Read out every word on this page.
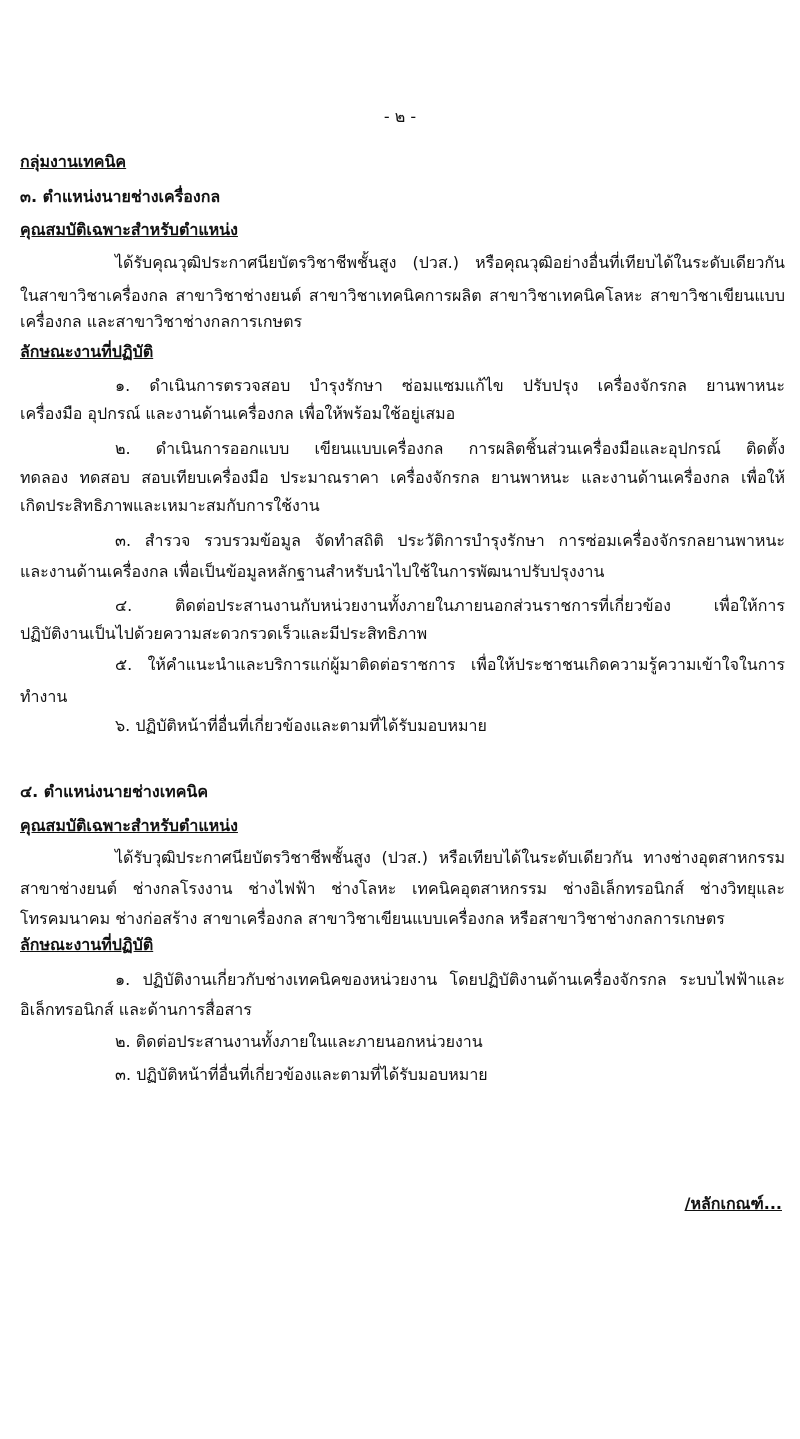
- ๒ -
กลุ่มงานเทคนิค
๓. ตำแหน่งนายช่างเครื่องกล
คุณสมบัติเฉพาะสำหรับตำแหน่ง
ได้รับคุณวุฒิประกาศนียบัตรวิชาชีพชั้นสูง (ปวส.) หรือคุณวุฒิอย่างอื่นที่เทียบได้ในระดับเดียวกัน
ในสาขาวิชาเครื่องกล สาขาวิชาช่างยนต์ สาขาวิชาเทคนิคการผลิต สาขาวิชาเทคนิคโลหะ สาขาวิชาเขียนแบบ
เครื่องกล และสาขาวิชาช่างกลการเกษตร
ลักษณะงานที่ปฏิบัติ
๑. ดำเนินการตรวจสอบ บำรุงรักษา ซ่อมแซมแก้ไข ปรับปรุง เครื่องจักรกล ยานพาหนะ
เครื่องมือ อุปกรณ์ และงานด้านเครื่องกล เพื่อให้พร้อมใช้อยู่เสมอ
๒. ดำเนินการออกแบบ เขียนแบบเครื่องกล การผลิตชิ้นส่วนเครื่องมือและอุปกรณ์ ติดตั้ง
ทดลอง ทดสอบ สอบเทียบเครื่องมือ ประมาณราคา เครื่องจักรกล ยานพาหนะ และงานด้านเครื่องกล เพื่อให้
เกิดประสิทธิภาพและเหมาะสมกับการใช้งาน
๓. สำรวจ รวบรวมข้อมูล จัดทำสถิติ ประวัติการบำรุงรักษา การซ่อมเครื่องจักรกลยานพาหนะ
และงานด้านเครื่องกล เพื่อเป็นข้อมูลหลักฐานสำหรับนำไปใช้ในการพัฒนาปรับปรุงงาน
๔. ติดต่อประสานงานกับหน่วยงานทั้งภายในภายนอกส่วนราชการที่เกี่ยวข้อง เพื่อให้การ
ปฏิบัติงานเป็นไปด้วยความสะดวกรวดเร็วและมีประสิทธิภาพ
๕. ให้คำแนะนำและบริการแก่ผู้มาติดต่อราชการ เพื่อให้ประชาชนเกิดความรู้ความเข้าใจในการ
ทำงาน
๖. ปฏิบัติหน้าที่อื่นที่เกี่ยวข้องและตามที่ได้รับมอบหมาย
๔. ตำแหน่งนายช่างเทคนิค
คุณสมบัติเฉพาะสำหรับตำแหน่ง
ได้รับวุฒิประกาศนียบัตรวิชาชีพชั้นสูง (ปวส.) หรือเทียบได้ในระดับเดียวกัน ทางช่างอุตสาหกรรม
สาขาช่างยนต์ ช่างกลโรงงาน ช่างไฟฟ้า ช่างโลหะ เทคนิคอุตสาหกรรม ช่างอิเล็กทรอนิกส์ ช่างวิทยุและ
โทรคมนาคม ช่างก่อสร้าง สาขาเครื่องกล สาขาวิชาเขียนแบบเครื่องกล หรือสาขาวิชาช่างกลการเกษตร
ลักษณะงานที่ปฏิบัติ
๑. ปฏิบัติงานเกี่ยวกับช่างเทคนิคของหน่วยงาน โดยปฏิบัติงานด้านเครื่องจักรกล ระบบไฟฟ้าและ
อิเล็กทรอนิกส์ และด้านการสื่อสาร
๒. ติดต่อประสานงานทั้งภายในและภายนอกหน่วยงาน
๓. ปฏิบัติหน้าที่อื่นที่เกี่ยวข้องและตามที่ได้รับมอบหมาย
/หลักเกณฑ์...
